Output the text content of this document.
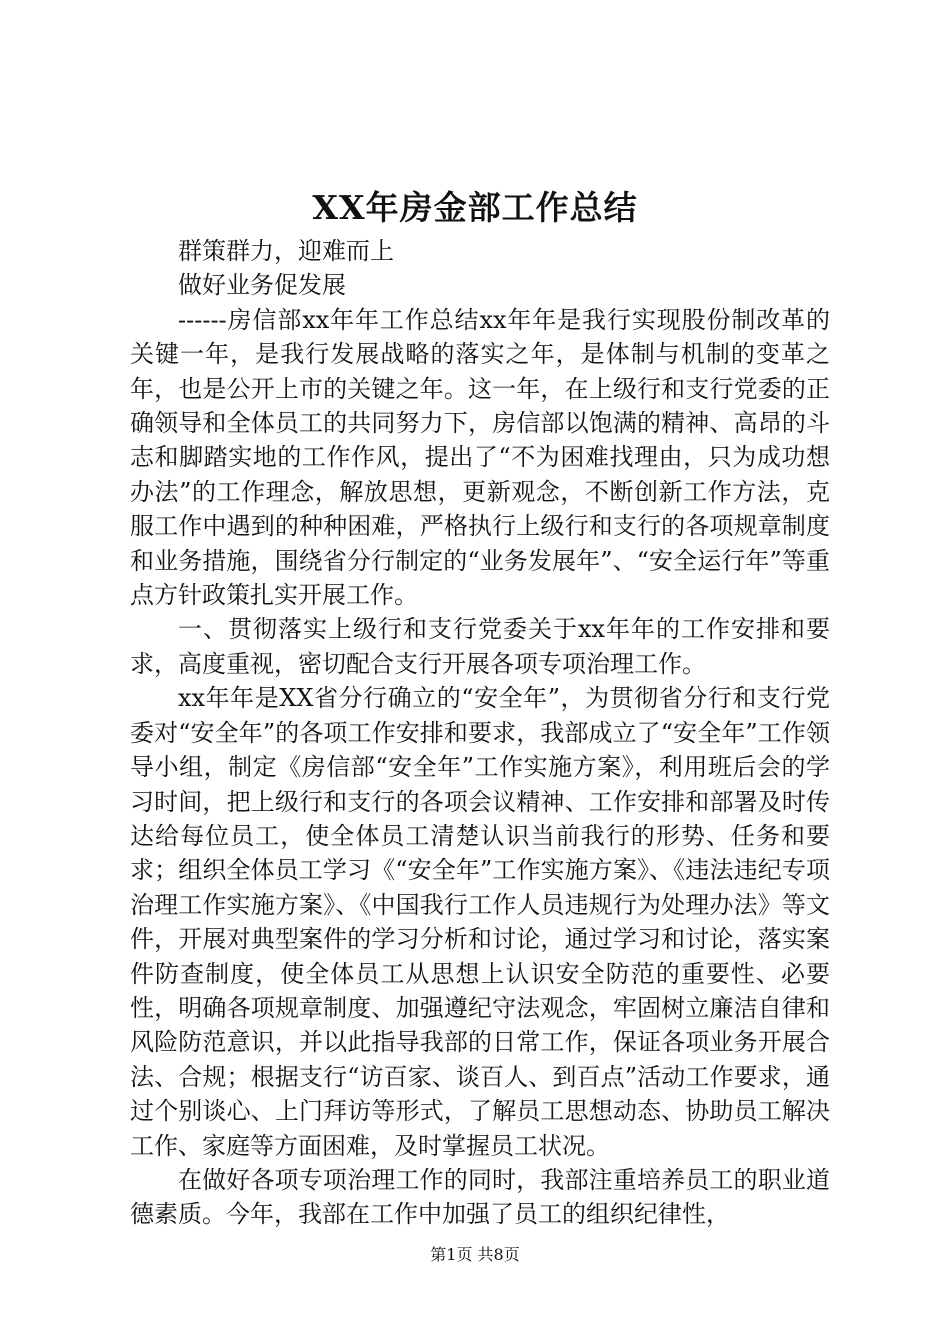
XX年房金部工作总结

群策群力，迎难而上

做好业务促发展

------房信部xx年年工作总结xx年年是我行实现股份制改革的关键一年，是我行发展战略的落实之年，是体制与机制的变革之年，也是公开上市的关键之年。这一年，在上级行和支行党委的正确领导和全体员工的共同努力下，房信部以饱满的精神、高昂的斗志和脚踏实地的工作作风，提出了“不为困难找理由，只为成功想办法”的工作理念，解放思想，更新观念，不断创新工作方法，克服工作中遇到的种种困难，严格执行上级行和支行的各项规章制度和业务措施，围绕省分行制定的“业务发展年”、“安全运行年”等重点方针政策扎实开展工作。

一、贯彻落实上级行和支行党委关于xx年年的工作安排和要求，高度重视，密切配合支行开展各项专项治理工作。

xx年年是XX省分行确立的“安全年”，为贯彻省分行和支行党委对“安全年”的各项工作安排和要求，我部成立了“安全年”工作领导小组，制定《房信部“安全年”工作实施方案》，利用班后会的学习时间，把上级行和支行的各项会议精神、工作安排和部署及时传达给每位员工，使全体员工清楚认识当前我行的形势、任务和要求；组织全体员工学习《“安全年”工作实施方案》、《违法违纪专项治理工作实施方案》、《中国我行工作人员违规行为处理办法》等文件，开展对典型案件的学习分析和讨论，通过学习和讨论，落实案件防查制度，使全体员工从思想上认识安全防范的重要性、必要性，明确各项规章制度、加强遵纪守法观念，牢固树立廉洁自律和风险防范意识，并以此指导我部的日常工作，保证各项业务开展合法、合规；根据支行“访百家、谈百人、到百点”活动工作要求，通过个别谈心、上门拜访等形式，了解员工思想动态、协助员工解决工作、家庭等方面困难，及时掌握员工状况。

在做好各项专项治理工作的同时，我部注重培养员工的职业道德素质。今年，我部在工作中加强了员工的组织纪律性，

第1页 共8页
